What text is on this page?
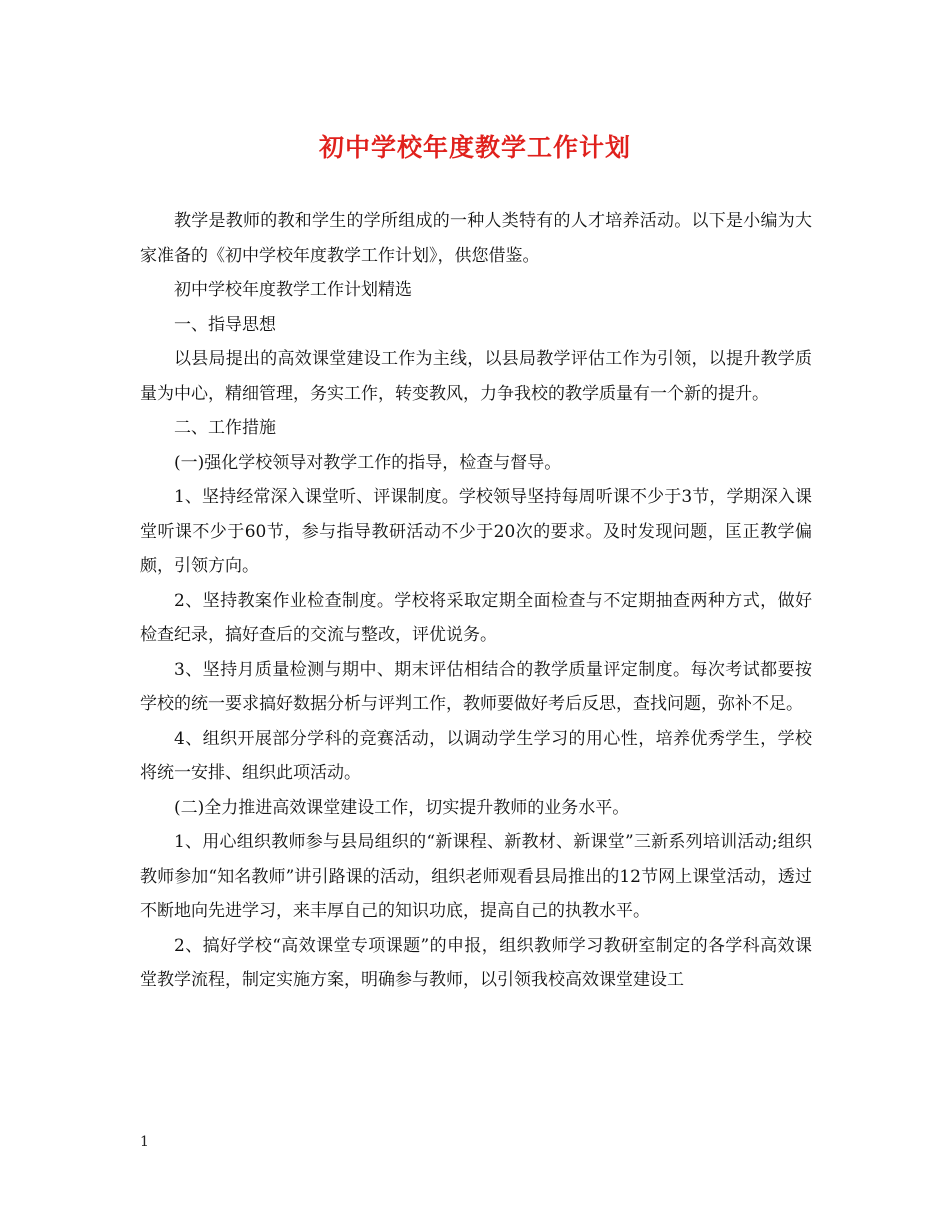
初中学校年度教学工作计划

教学是教师的教和学生的学所组成的一种人类特有的人才培养活动。以下是小编为大家准备的《初中学校年度教学工作计划》，供您借鉴。

初中学校年度教学工作计划精选

一、指导思想

以县局提出的高效课堂建设工作为主线，以县局教学评估工作为引领，以提升教学质量为中心，精细管理，务实工作，转变教风，力争我校的教学质量有一个新的提升。

二、工作措施

(一)强化学校领导对教学工作的指导，检查与督导。

1、坚持经常深入课堂听、评课制度。学校领导坚持每周听课不少于3节，学期深入课堂听课不少于60节，参与指导教研活动不少于20次的要求。及时发现问题，匡正教学偏颇，引领方向。

2、坚持教案作业检查制度。学校将采取定期全面检查与不定期抽查两种方式，做好检查纪录，搞好查后的交流与整改，评优说务。

3、坚持月质量检测与期中、期末评估相结合的教学质量评定制度。每次考试都要按学校的统一要求搞好数据分析与评判工作，教师要做好考后反思，查找问题，弥补不足。

4、组织开展部分学科的竞赛活动，以调动学生学习的用心性，培养优秀学生，学校将统一安排、组织此项活动。

(二)全力推进高效课堂建设工作，切实提升教师的业务水平。

1、用心组织教师参与县局组织的“新课程、新教材、新课堂”三新系列培训活动;组织教师参加“知名教师”讲引路课的活动，组织老师观看县局推出的12节网上课堂活动，透过不断地向先进学习，来丰厚自己的知识功底，提高自己的执教水平。

2、搞好学校“高效课堂专项课题”的申报，组织教师学习教研室制定的各学科高效课堂教学流程，制定实施方案，明确参与教师，以引领我校高效课堂建设工

1
